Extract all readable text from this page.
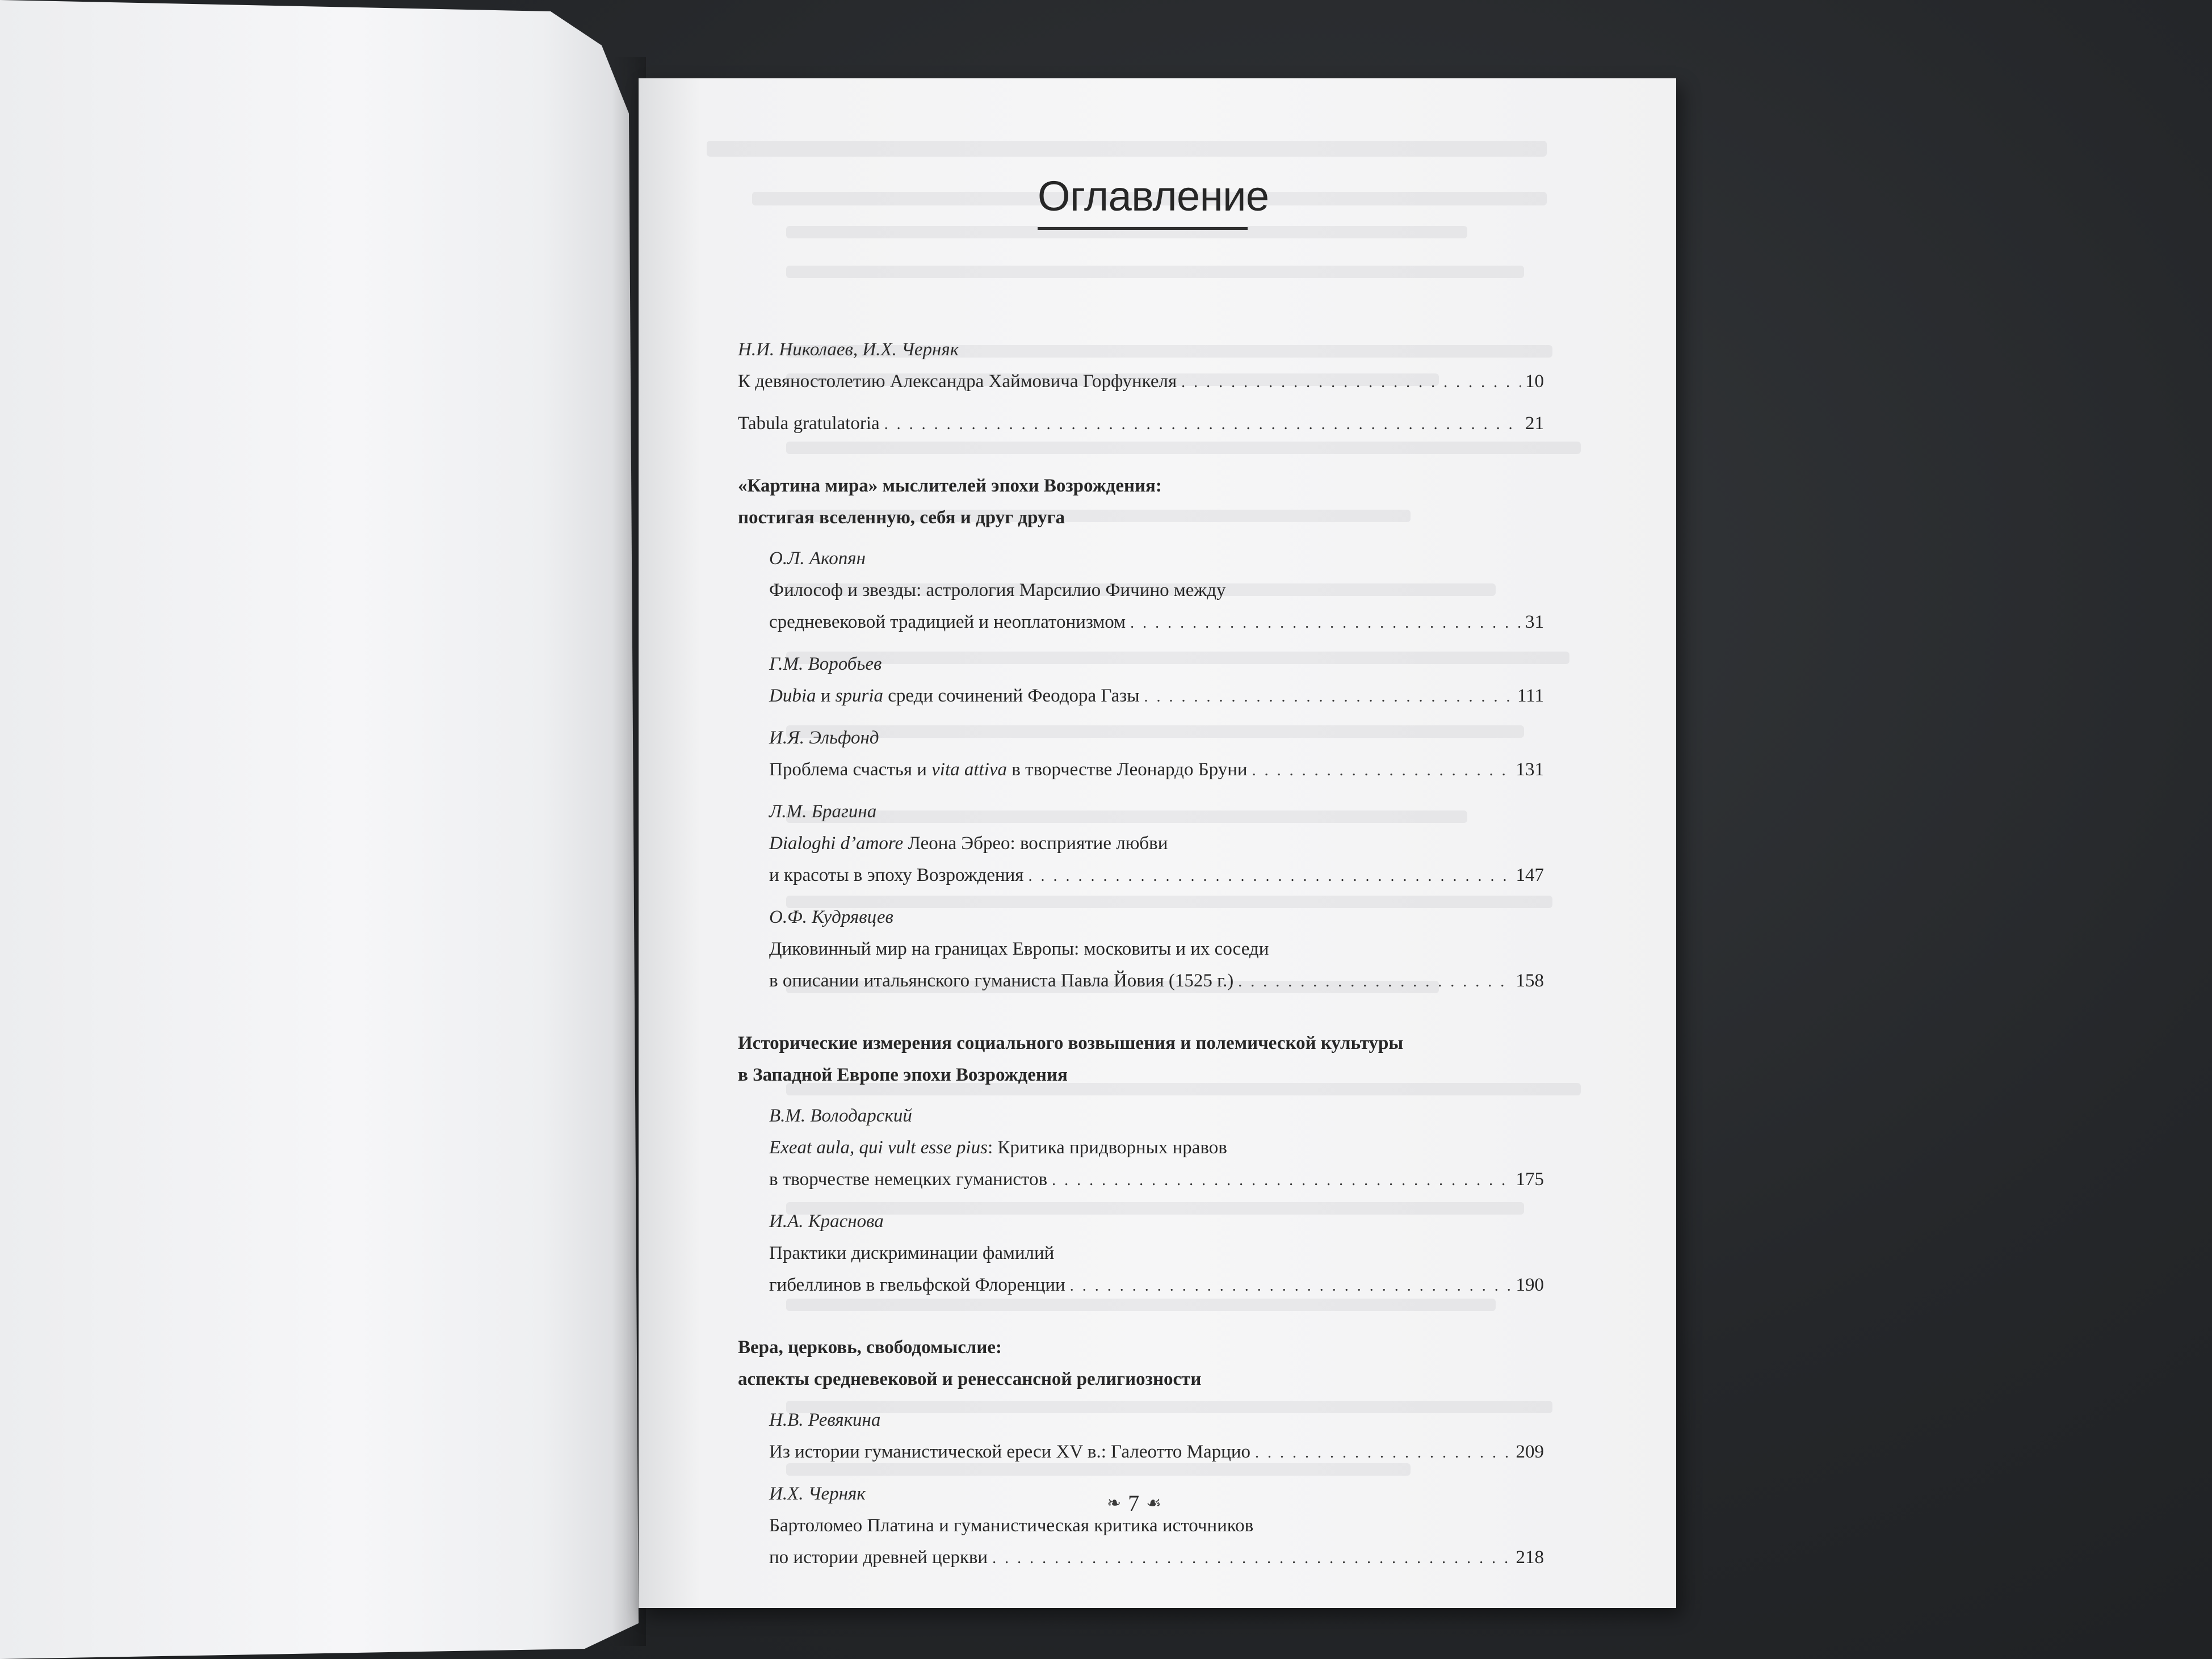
Оглавление
Н.И. Николаев, И.Х. Черняк
К девяностолетию Александра Хаймовича Горфункеля . . .	10
Tabula gratulatoria . . .	21
«Картина мира» мыслителей эпохи Возрождения:
постигая вселенную, себя и друг друга
О.Л. Акопян
Философ и звезды: астрология Марсилио Фичино между
средневековой традицией и неоплатонизмом . . .	31
Г.М. Воробьев
Dubia и spuria среди сочинений Феодора Газы . . .	111
И.Я. Эльфонд
Проблема счастья и vita attiva в творчестве Леонардо Бруни . . .	131
Л.М. Брагина
Dialoghi d’amore Леона Эбрео: восприятие любви
и красоты в эпоху Возрождения . . .	147
О.Ф. Кудрявцев
Диковинный мир на границах Европы: московиты и их соседи
в описании итальянского гуманиста Павла Йовия (1525 г.) . . .	158
Исторические измерения социального возвышения и полемической культуры
в Западной Европе эпохи Возрождения
В.М. Володарский
Exeat aula, qui vult esse pius: Критика придворных нравов
в творчестве немецких гуманистов . . .	175
И.А. Краснова
Практики дискриминации фамилий
гибеллинов в гвельфской Флоренции . . .	190
Вера, церковь, свободомыслие:
аспекты средневековой и ренессансной религиозности
Н.В. Ревякина
Из истории гуманистической ереси XV в.: Галеотто Марцио . . .	209
И.Х. Черняк
Бартоломео Платина и гуманистическая критика источников
по истории древней церкви . . .	218
❧ 7 ☙
